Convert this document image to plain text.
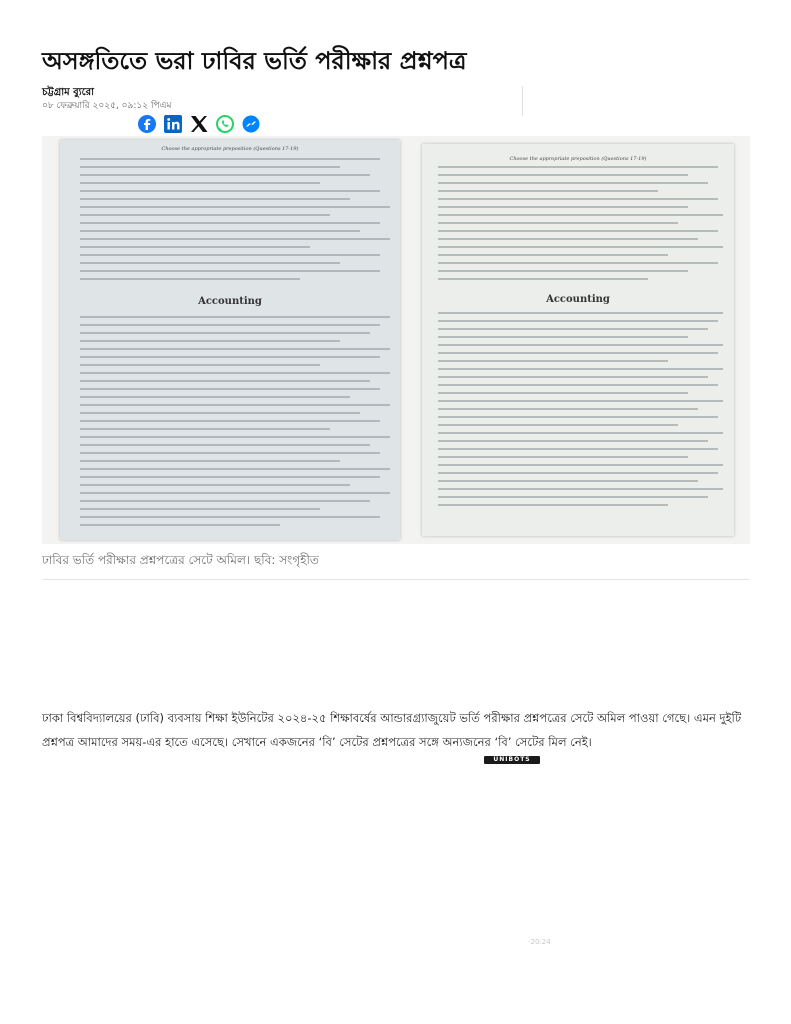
অসঙ্গতিতে ভরা ঢাবির ভর্তি পরীক্ষার প্রশ্নপত্র
চট্টগ্রাম ব্যুরো
০৮ ফেব্রুয়ারি ২০২৫, ০৯:১২ পিএম
Choose the appropriate preposition (Questions 17-19)
Accounting
Choose the appropriate preposition (Questions 17-19)
Accounting
ঢাবির ভর্তি পরীক্ষার প্রশ্নপত্রের সেটে অমিল। ছবি: সংগৃহীত

ঢাকা বিশ্ববিদ্যালয়ের (ঢাবি) ব্যবসায় শিক্ষা ইউনিটের ২০২৪-২৫ শিক্ষাবর্ষের আন্ডারগ্র্যাজুয়েট ভর্তি পরীক্ষার প্রশ্নপত্রের সেটে অমিল পাওয়া গেছে। এমন দুইটি প্রশ্নপত্র আমাদের সময়-এর হাতে এসেছে। সেখানে একজনের ‘বি’ সেটের প্রশ্নপত্রের সঙ্গে অন্যজনের ‘বি’ সেটের মিল নেই।

UNIBOTS
-20:24
